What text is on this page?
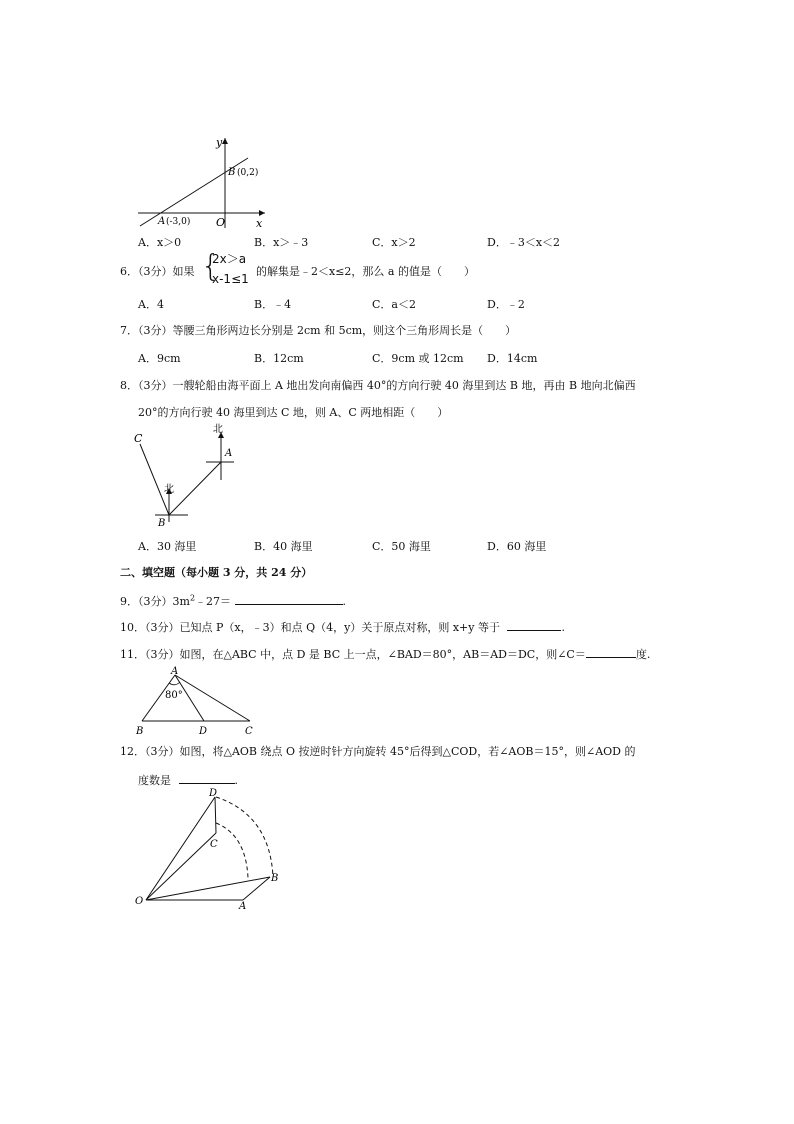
y
x
O
B (0,2)
A (-3,0)
A．x＞0	B．x＞﹣3	C．x＞2	D．﹣3＜x＜2
6．（3分）如果 {
2x＞a
x-1≤1
的解集是﹣2＜x≤2，那么 a 的值是（　　）
A．4	B．﹣4	C．a＜2	D．﹣2
7．（3分）等腰三角形两边长分别是 2cm 和 5cm，则这个三角形周长是（　　）
A．9cm	B．12cm	C．9cm 或 12cm D．14cm
8．（3分）一艘轮船由海平面上 A 地出发向南偏西 40°的方向行驶 40 海里到达 B 地，再由 B 地向北偏西
20°的方向行驶 40 海里到达 C 地，则 A、C 两地相距（　　）
C
A
B
北
北
A．30 海里	B．40 海里	C．50 海里	D．60 海里
二、填空题（每小题 3 分，共 24 分）
9．（3分）$3m^2﹣27=$	.
10．（3分）已知点 P（x，﹣3）和点 Q（4，y）关于原点对称，则 x+y 等于	.
11．（3分）如图，在△ABC 中，点 D 是 BC 上一点，∠BAD＝80°，AB＝AD＝DC，则∠C＝	度.
A
80°
B	D	C
12．（3分）如图，将△AOB 绕点 O 按逆时针方向旋转 45°后得到△COD，若∠AOB＝15°，则∠AOD 的
度数是	.
D
C
B
O	A
